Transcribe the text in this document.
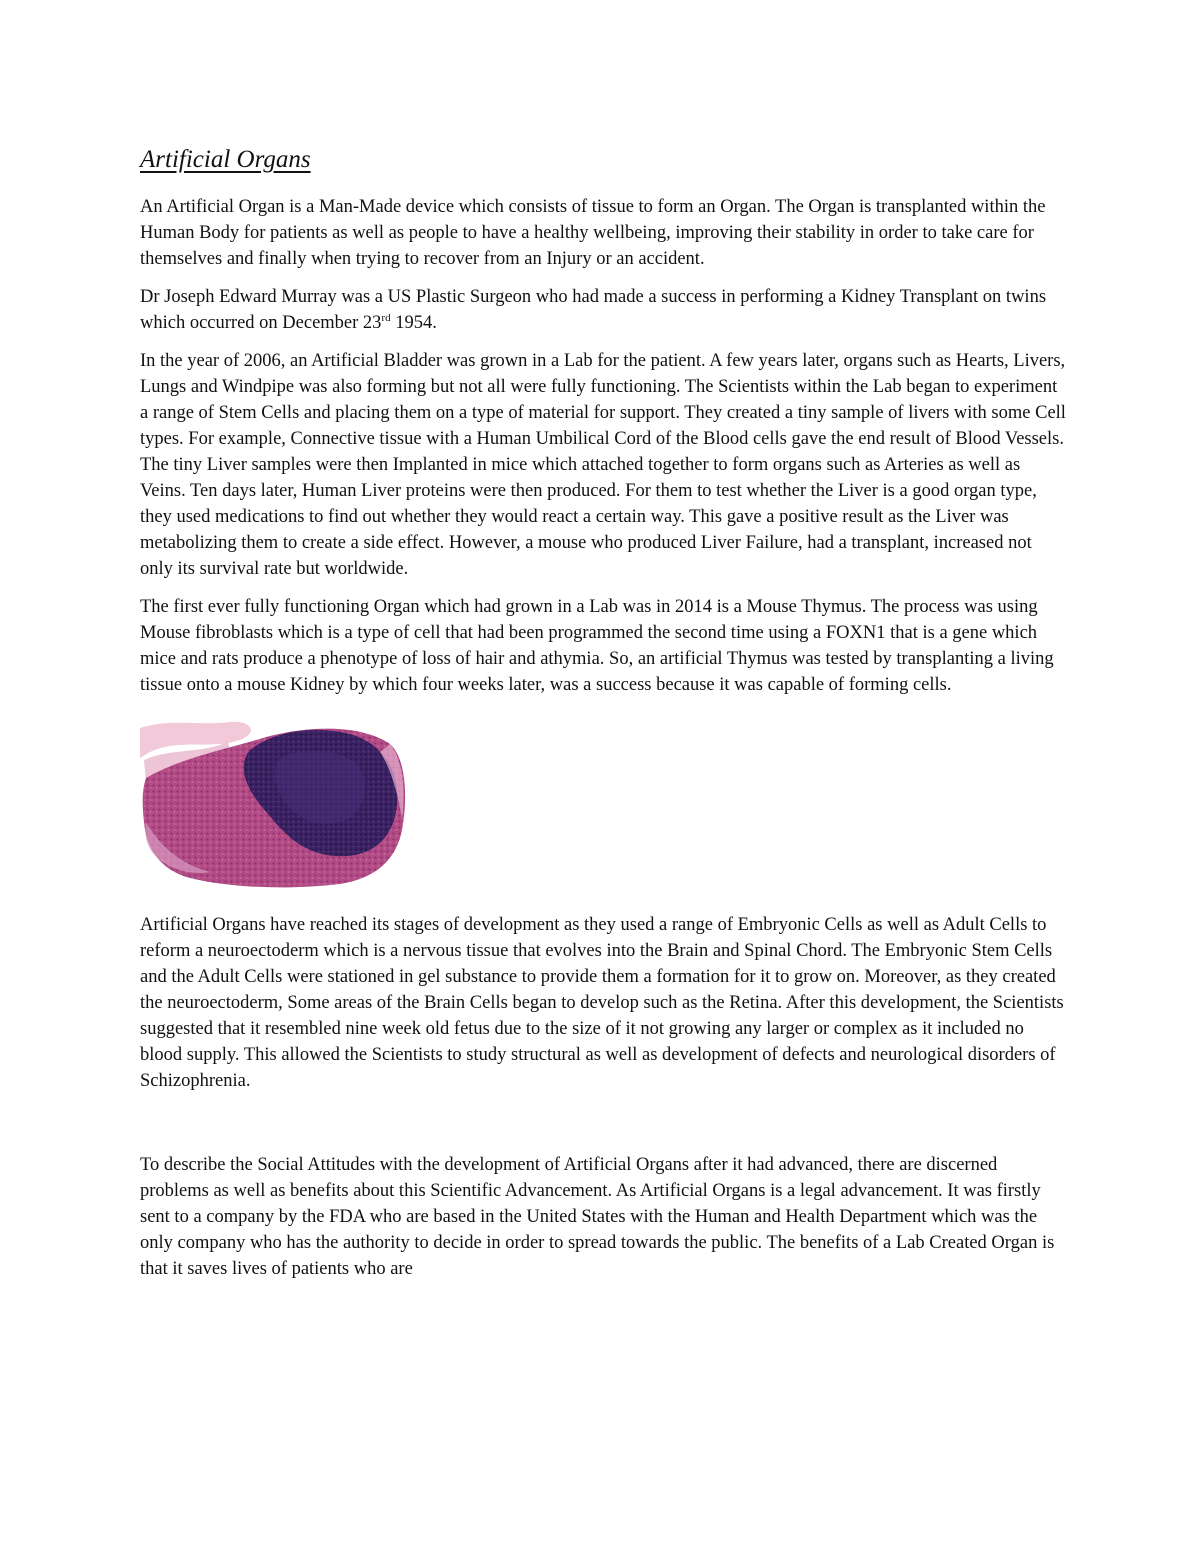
Artificial Organs

An Artificial Organ is a Man-Made device which consists of tissue to form an Organ. The Organ is transplanted within the Human Body for patients as well as people to have a healthy wellbeing, improving their stability in order to take care for themselves and finally when trying to recover from an Injury or an accident.

Dr Joseph Edward Murray was a US Plastic Surgeon who had made a success in performing a Kidney Transplant on twins which occurred on December 23rd 1954.

In the year of 2006, an Artificial Bladder was grown in a Lab for the patient. A few years later, organs such as Hearts, Livers, Lungs and Windpipe was also forming but not all were fully functioning. The Scientists within the Lab began to experiment a range of Stem Cells and placing them on a type of material for support. They created a tiny sample of livers with some Cell types. For example, Connective tissue with a Human Umbilical Cord of the Blood cells gave the end result of Blood Vessels. The tiny Liver samples were then Implanted in mice which attached together to form organs such as Arteries as well as Veins. Ten days later, Human Liver proteins were then produced. For them to test whether the Liver is a good organ type, they used medications to find out whether they would react a certain way. This gave a positive result as the Liver was metabolizing them to create a side effect. However, a mouse who produced Liver Failure, had a transplant, increased not only its survival rate but worldwide.

The first ever fully functioning Organ which had grown in a Lab was in 2014 is a Mouse Thymus. The process was using Mouse fibroblasts which is a type of cell that had been programmed the second time using a FOXN1 that is a gene which mice and rats produce a phenotype of loss of hair and athymia. So, an artificial Thymus was tested by transplanting a living tissue onto a mouse Kidney by which four weeks later, was a success because it was capable of forming cells.

Artificial Organs have reached its stages of development as they used a range of Embryonic Cells as well as Adult Cells to reform a neuroectoderm which is a nervous tissue that evolves into the Brain and Spinal Chord. The Embryonic Stem Cells and the Adult Cells were stationed in gel substance to provide them a formation for it to grow on. Moreover, as they created the neuroectoderm, Some areas of the Brain Cells began to develop such as the Retina. After this development, the Scientists suggested that it resembled nine week old fetus due to the size of it not growing any larger or complex as it included no blood supply. This allowed the Scientists to study structural as well as development of defects and neurological disorders of Schizophrenia.

To describe the Social Attitudes with the development of Artificial Organs after it had advanced, there are discerned problems as well as benefits about this Scientific Advancement. As Artificial Organs is a legal advancement. It was firstly sent to a company by the FDA who are based in the United States with the Human and Health Department which was the only company who has the authority to decide in order to spread towards the public. The benefits of a Lab Created Organ is that it saves lives of patients who are
